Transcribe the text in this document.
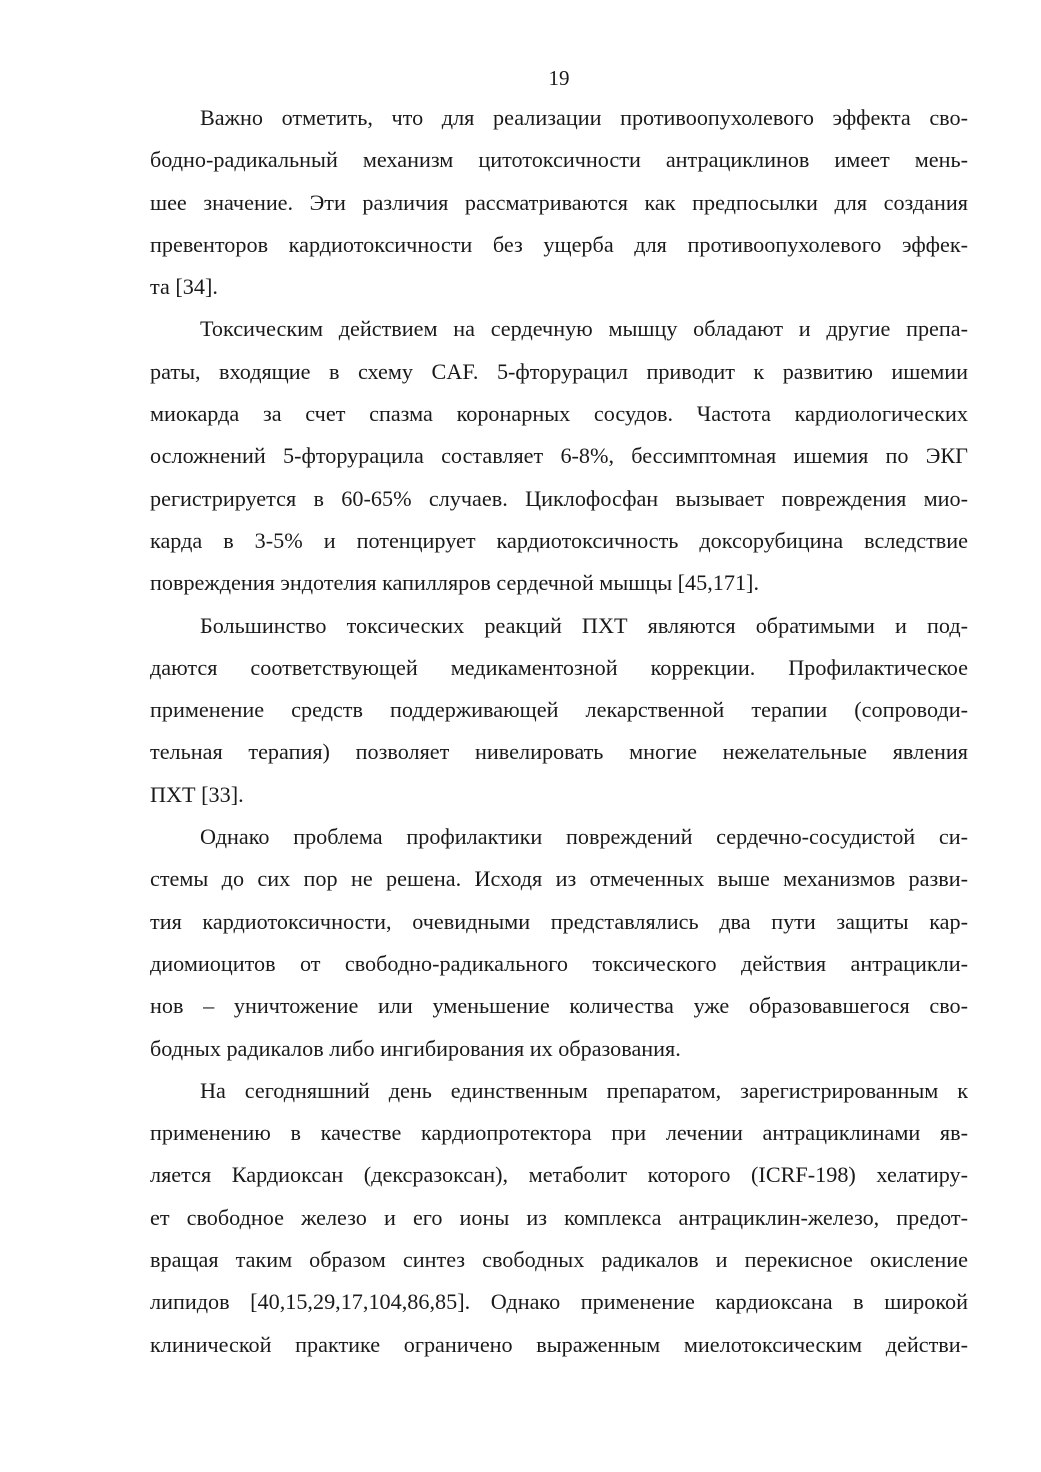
19
Важно отметить, что для реализации противоопухолевого эффекта сво-
бодно-радикальный механизм цитотоксичности антрациклинов имеет мень-
шее значение. Эти различия рассматриваются как предпосылки для создания
превенторов кардиотоксичности без ущерба для противоопухолевого эффек-
та [34].
Токсическим действием на сердечную мышцу обладают и другие препа-
раты, входящие в схему CAF. 5-фторурацил приводит к развитию ишемии
миокарда за счет спазма коронарных сосудов. Частота кардиологических
осложнений 5-фторурацила составляет 6-8%, бессимптомная ишемия по ЭКГ
регистрируется в 60-65% случаев. Циклофосфан вызывает повреждения мио-
карда в 3-5% и потенцирует кардиотоксичность доксорубицина вследствие
повреждения эндотелия капилляров сердечной мышцы [45,171].
Большинство токсических реакций ПХТ являются обратимыми и под-
даются соответствующей медикаментозной коррекции. Профилактическое
применение средств поддерживающей лекарственной терапии (сопроводи-
тельная терапия) позволяет нивелировать многие нежелательные явления
ПХТ [33].
Однако проблема профилактики повреждений сердечно-сосудистой си-
стемы до сих пор не решена. Исходя из отмеченных выше механизмов разви-
тия кардиотоксичности, очевидными представлялись два пути защиты кар-
диомиоцитов от свободно-радикального токсического действия антрацикли-
нов – уничтожение или уменьшение количества уже образовавшегося сво-
бодных радикалов либо ингибирования их образования.
На сегодняшний день единственным препаратом, зарегистрированным к
применению в качестве кардиопротектора при лечении антрациклинами яв-
ляется Кардиоксан (дексразоксан), метаболит которого (ICRF-198) хелатиру-
ет свободное железо и его ионы из комплекса антрациклин-железо, предот-
вращая таким образом синтез свободных радикалов и перекисное окисление
липидов [40,15,29,17,104,86,85]. Однако применение кардиоксана в широкой
клинической практике ограничено выраженным миелотоксическим действи-
